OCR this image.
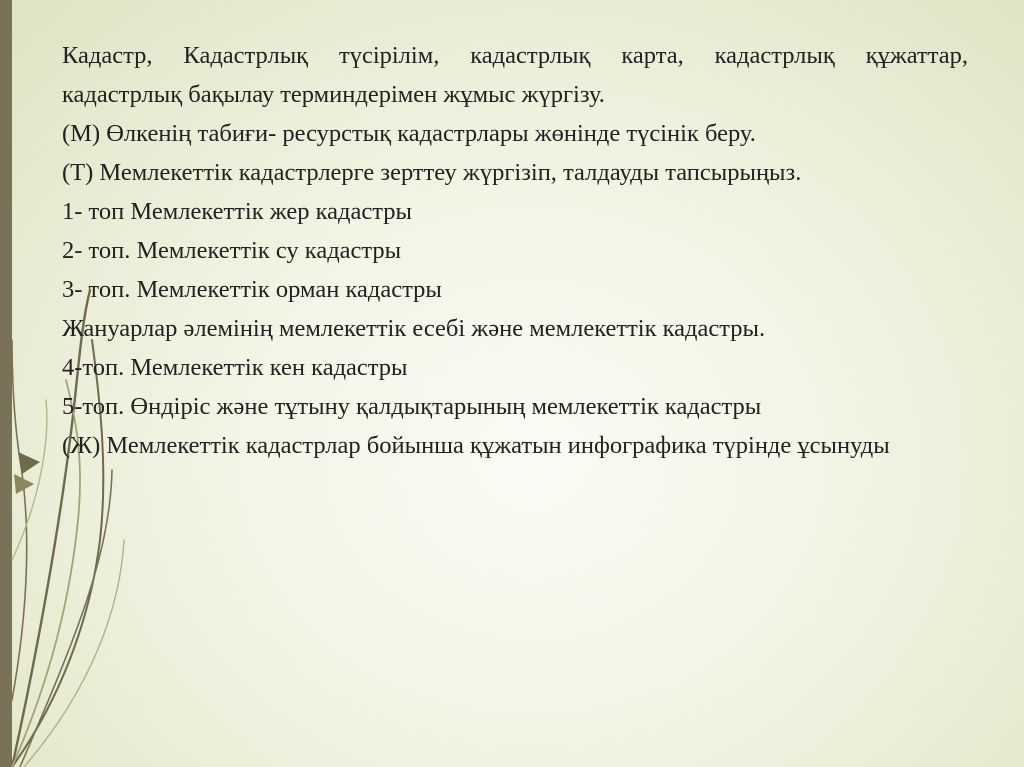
Кадастр, Кадастрлық түсірілім, кадастрлық карта, кадастрлық құжаттар,
кадастрлық бақылау терминдерімен жұмыс жүргізу.
(М) Өлкенің табиғи- ресурстық кадастрлары жөнінде түсінік беру.
(Т) Мемлекеттік кадастрлерге зерттеу жүргізіп, талдауды тапсырыңыз.
1- топ Мемлекеттік жер кадастры
2- топ. Мемлекеттік су кадастры
3- топ. Мемлекеттік орман кадастры
Жануарлар әлемінің мемлекеттік есебі және мемлекеттік кадастры.
4-топ. Мемлекеттік кен кадастры
5-топ. Өндіріс және тұтыну қалдықтарының мемлекеттік кадастры
(Ж) Мемлекеттік кадастрлар бойынша құжатын инфографика түрінде ұсынуды
